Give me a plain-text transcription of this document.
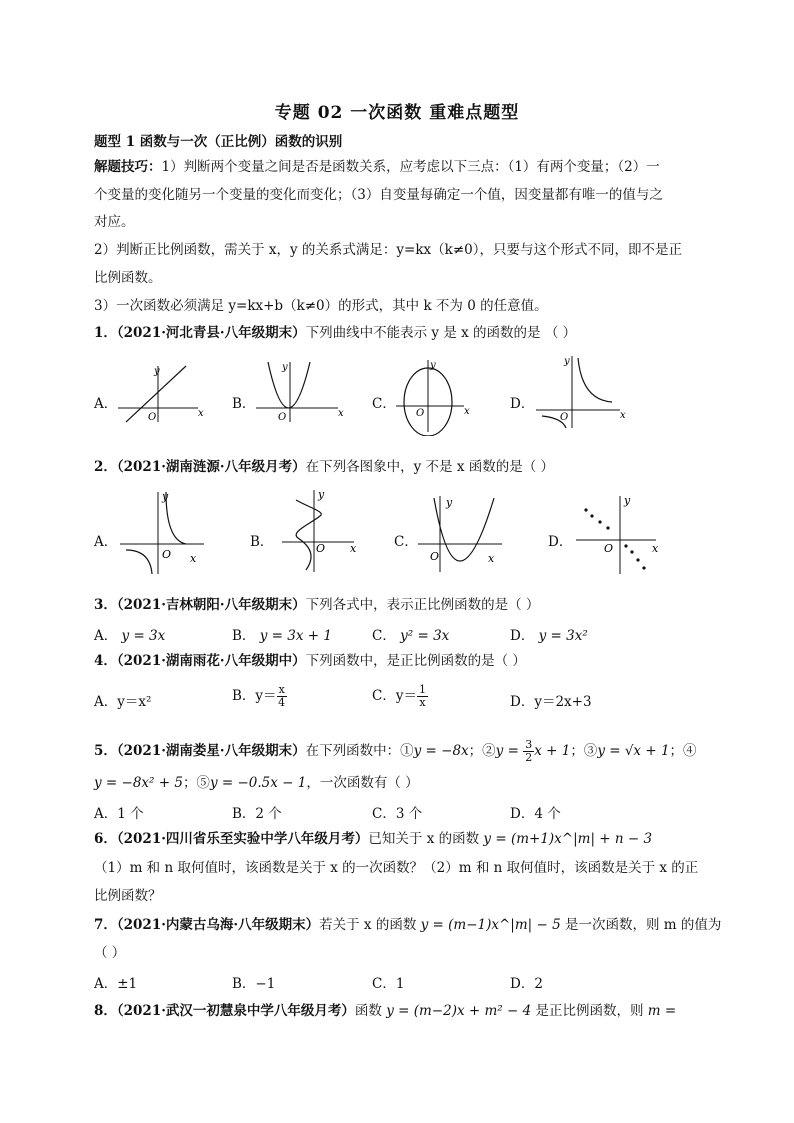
专题 02 一次函数 重难点题型
题型 1 函数与一次（正比例）函数的识别
解题技巧：1）判断两个变量之间是否是函数关系，应考虑以下三点：（1）有两个变量；（2）一
个变量的变化随另一个变量的变化而变化；（3）自变量每确定一个值，因变量都有唯一的值与之
对应。
2）判断正比例函数，需关于 x，y 的关系式满足：y=kx（k≠0），只要与这个形式不同，即不是正
比例函数。
3）一次函数必须满足 y=kx+b（k≠0）的形式，其中 k 不为 0 的任意值。
1．（2021·河北青县·八年级期末）下列曲线中不能表示 y 是 x 的函数的是 （ ）
A．
y
O	x
B．
y
O	x
C．
y
O	x	D．
y
O	x
2．（2021·湖南涟源·八年级月考）在下列各图象中，y 不是 x 函数的是（ ）
A．
y
O x
B．
y
O x	C．
y
O	x
D．
y
O	x
3．（2021·吉林朝阳·八年级期末）下列各式中，表示正比例函数的是（ ）
A． y = 3x	B． y = 3x + 1	C． y² = 3x	D． y = 3x²
4．（2021·湖南雨花·八年级期中）下列函数中，是正比例函数的是（ ）
A．y＝x²	B．$y= \frac{x}{4}$	C．$y= \frac{1}{x}$	D．y＝2x+3
5．（2021·湖南娄星·八年级期末）在下列函数中：①y = −8x；②y = $\frac{3}{2}$ x + 1；③y = √x + 1；④
y = −8x² + 5；⑤y = −0.5x − 1，一次函数有（ ）
A．1 个	B．2 个	C．3 个	D．4 个
6．（2021·四川省乐至实验中学八年级月考）已知关于 x 的函数 y = (m+1)x^|m| + n − 3
（1）m 和 n 取何值时，该函数是关于 x 的一次函数？（2）m 和 n 取何值时，该函数是关于 x 的正
比例函数？
7．（2021·内蒙古乌海·八年级期末）若关于 x 的函数 y = (m−1)x^|m| − 5 是一次函数，则 m 的值为
（ ）
A．±1	B．−1	C．1	D．2
8．（2021·武汉一初慧泉中学八年级月考）函数 y = (m−2)x + m² − 4 是正比例函数，则 m =
